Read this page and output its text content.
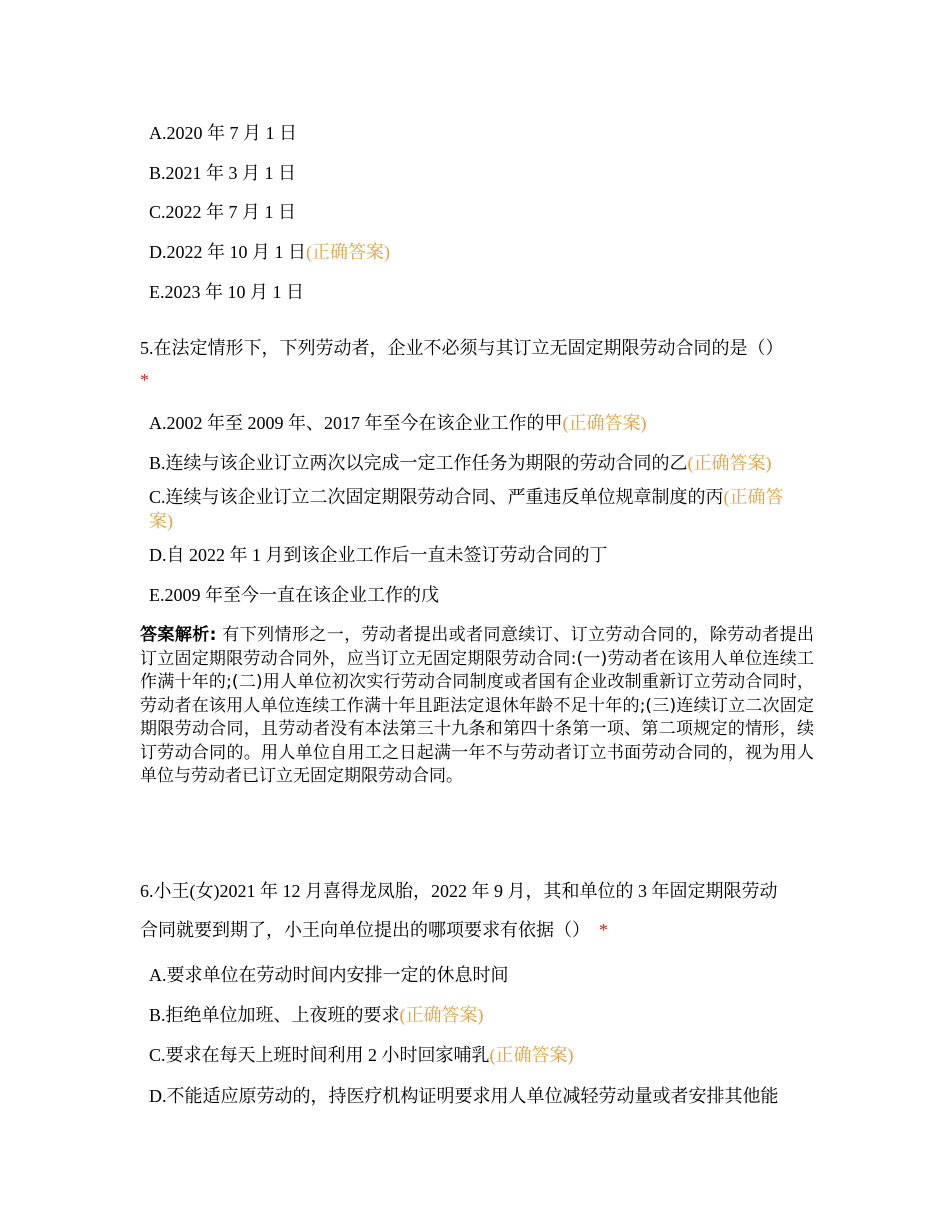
A.2020 年 7 月 1 日
B.2021 年 3 月 1 日
C.2022 年 7 月 1 日
D.2022 年 10 月 1 日(正确答案)
E.2023 年 10 月 1 日
5.在法定情形下，下列劳动者，企业不必须与其订立无固定期限劳动合同的是（）
*
A.2002 年至 2009 年、2017 年至今在该企业工作的甲(正确答案)
B.连续与该企业订立两次以完成一定工作任务为期限的劳动合同的乙(正确答案)
C.连续与该企业订立二次固定期限劳动合同、严重违反单位规章制度的丙(正确答案)
D.自 2022 年 1 月到该企业工作后一直未签订劳动合同的丁
E.2009 年至今一直在该企业工作的戊
答案解析: 有下列情形之一，劳动者提出或者同意续订、订立劳动合同的，除劳动者提出订立固定期限劳动合同外，应当订立无固定期限劳动合同:(一)劳动者在该用人单位连续工作满十年的;(二)用人单位初次实行劳动合同制度或者国有企业改制重新订立劳动合同时，劳动者在该用人单位连续工作满十年且距法定退休年龄不足十年的;(三)连续订立二次固定期限劳动合同，且劳动者没有本法第三十九条和第四十条第一项、第二项规定的情形，续订劳动合同的。用人单位自用工之日起满一年不与劳动者订立书面劳动合同的，视为用人单位与劳动者已订立无固定期限劳动合同。
6.小王(女)2021 年 12 月喜得龙凤胎，2022 年 9 月，其和单位的 3 年固定期限劳动
合同就要到期了，小王向单位提出的哪项要求有依据（） *
A.要求单位在劳动时间内安排一定的休息时间
B.拒绝单位加班、上夜班的要求(正确答案)
C.要求在每天上班时间利用 2 小时回家哺乳(正确答案)
D.不能适应原劳动的，持医疗机构证明要求用人单位减轻劳动量或者安排其他能
